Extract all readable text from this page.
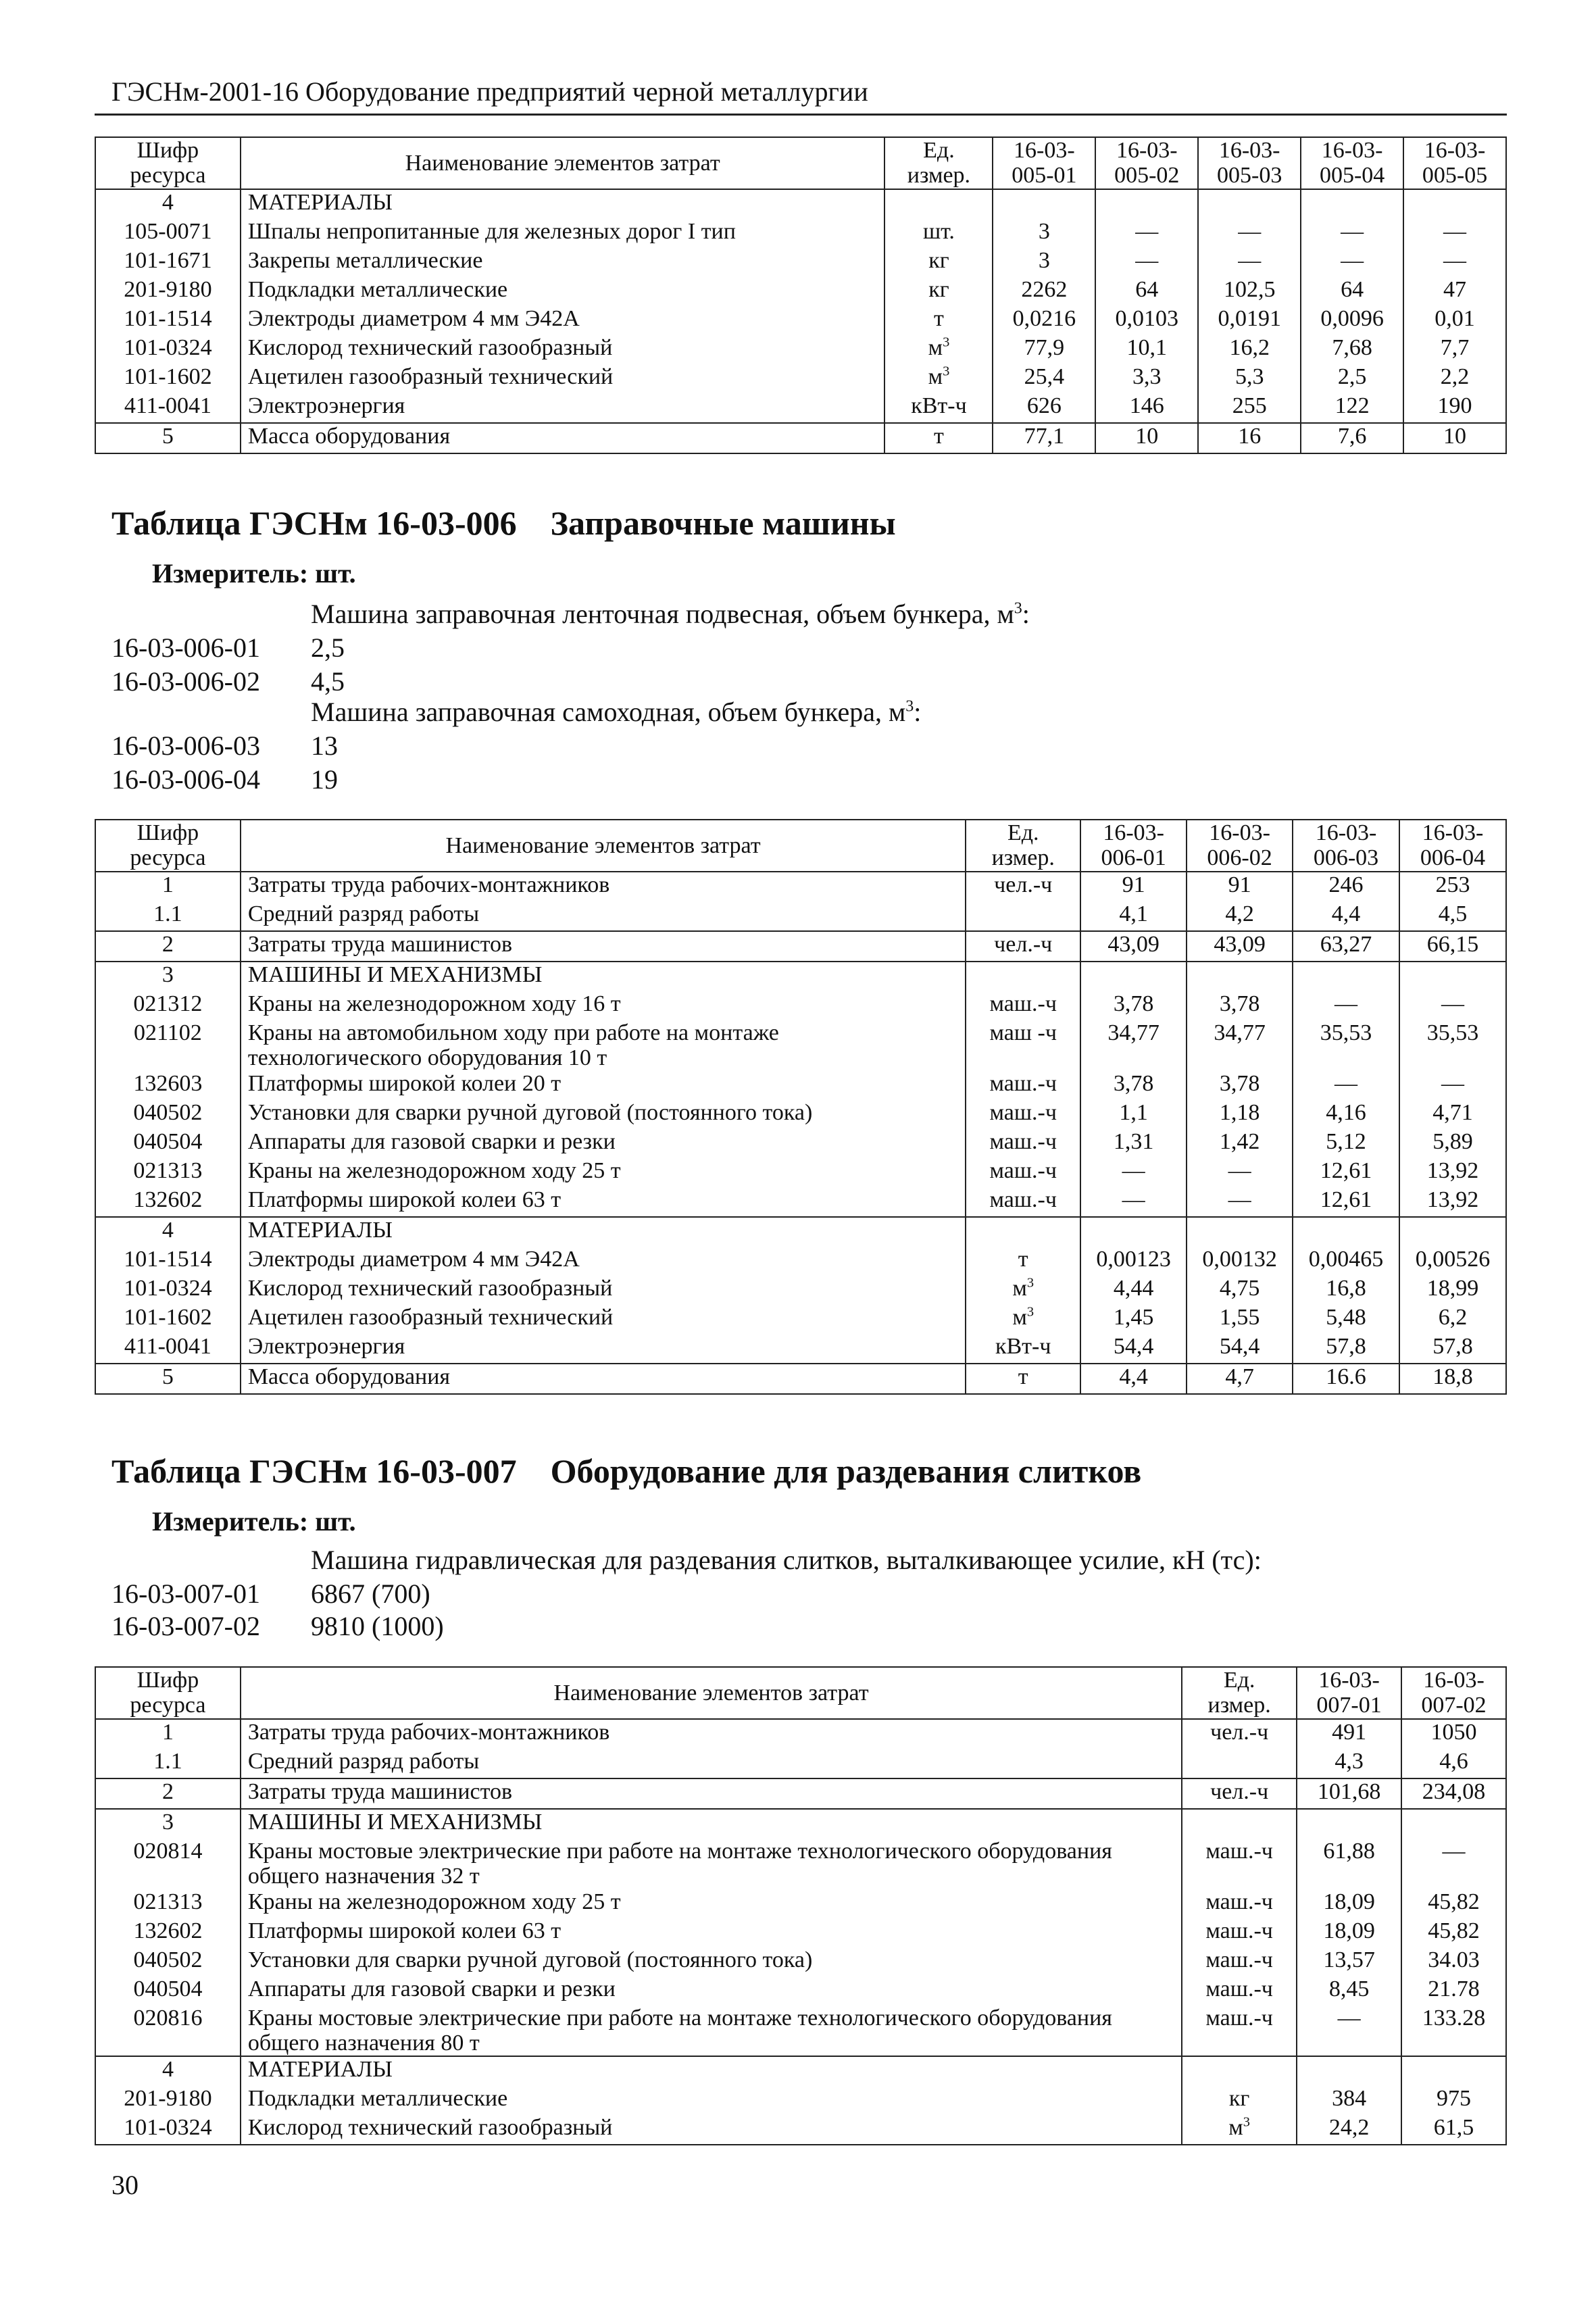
ГЭСНм-2001-16 Оборудование предприятий черной металлургии
Шифр ресурса	Наименование элементов затрат	Ед. измер.	16-03-005-01	16-03-005-02	16-03-005-03	16-03-005-04	16-03-005-05
4	МАТЕРИАЛЫ						
105-0071	Шпалы непропитанные для железных дорог I тип	шт.	3	—	—	—	—
101-1671	Закрепы металлические	кг	3	—	—	—	—
201-9180	Подкладки металлические	кг	2262	64	102,5	64	47
101-1514	Электроды диаметром 4 мм Э42А	т	0,0216	0,0103	0,0191	0,0096	0,01
101-0324	Кислород технический газообразный	$м^3$	77,9	10,1	16,2	7,68	7,7
101-1602	Ацетилен газообразный технический	$м^3$	25,4	3,3	5,3	2,5	2,2
411-0041	Электроэнергия	кВт-ч	626	146	255	122	190
5	Масса оборудования	т	77,1	10	16	7,6	10
Таблица ГЭСНм 16-03-006 Заправочные машины
Измеритель: шт.
Машина заправочная ленточная подвесная, объем бункера, $м^3$:
16-03-006-01 2,5
16-03-006-02 4,5
Машина заправочная самоходная, объем бункера, $м^3$:
16-03-006-03 13
16-03-006-04 19
Шифр ресурса	Наименование элементов затрат	Ед. измер.	16-03-006-01	16-03-006-02	16-03-006-03	16-03-006-04
1	Затраты труда рабочих-монтажников	чел.-ч	91	91	246	253
1.1	Средний разряд работы		4,1	4,2	4,4	4,5
2	Затраты труда машинистов	чел.-ч	43,09	43,09	63,27	66,15
3	МАШИНЫ И МЕХАНИЗМЫ					
021312	Краны на железнодорожном ходу 16 т	маш.-ч	3,78	3,78	—	—
021102	Краны на автомобильном ходу при работе на монтаже технологического оборудования 10 т	маш -ч	34,77	34,77	35,53	35,53
132603	Платформы широкой колеи 20 т	маш.-ч	3,78	3,78	—	—
040502	Установки для сварки ручной дуговой (постоянного тока)	маш.-ч	1,1	1,18	4,16	4,71
040504	Аппараты для газовой сварки и резки	маш.-ч	1,31	1,42	5,12	5,89
021313	Краны на железнодорожном ходу 25 т	маш.-ч	—	—	12,61	13,92
132602	Платформы широкой колеи 63 т	маш.-ч	—	—	12,61	13,92
4	МАТЕРИАЛЫ					
101-1514	Электроды диаметром 4 мм Э42А	т	0,00123	0,00132	0,00465	0,00526
101-0324	Кислород технический газообразный	$м^3$	4,44	4,75	16,8	18,99
101-1602	Ацетилен газообразный технический	$м^3$	1,45	1,55	5,48	6,2
411-0041	Электроэнергия	кВт-ч	54,4	54,4	57,8	57,8
5	Масса оборудования	т	4,4	4,7	16.6	18,8
Таблица ГЭСНм 16-03-007 Оборудование для раздевания слитков
Измеритель: шт.
Машина гидравлическая для раздевания слитков, выталкивающее усилие, кН (тс):
16-03-007-01 6867 (700)
16-03-007-02 9810 (1000)
Шифр ресурса	Наименование элементов затрат	Ед. измер.	16-03-007-01	16-03-007-02
1	Затраты труда рабочих-монтажников	чел.-ч	491	1050
1.1	Средний разряд работы		4,3	4,6
2	Затраты труда машинистов	чел.-ч	101,68	234,08
3	МАШИНЫ И МЕХАНИЗМЫ			
020814	Краны мостовые электрические при работе на монтаже технологического оборудования общего назначения 32 т	маш.-ч	61,88	—
021313	Краны на железнодорожном ходу 25 т	маш.-ч	18,09	45,82
132602	Платформы широкой колеи 63 т	маш.-ч	18,09	45,82
040502	Установки для сварки ручной дуговой (постоянного тока)	маш.-ч	13,57	34.03
040504	Аппараты для газовой сварки и резки	маш.-ч	8,45	21.78
020816	Краны мостовые электрические при работе на монтаже технологического оборудования общего назначения 80 т	маш.-ч	—	133.28
4	МАТЕРИАЛЫ			
201-9180	Подкладки металлические	кг	384	975
101-0324	Кислород технический газообразный	$м^3$	24,2	61,5
30
